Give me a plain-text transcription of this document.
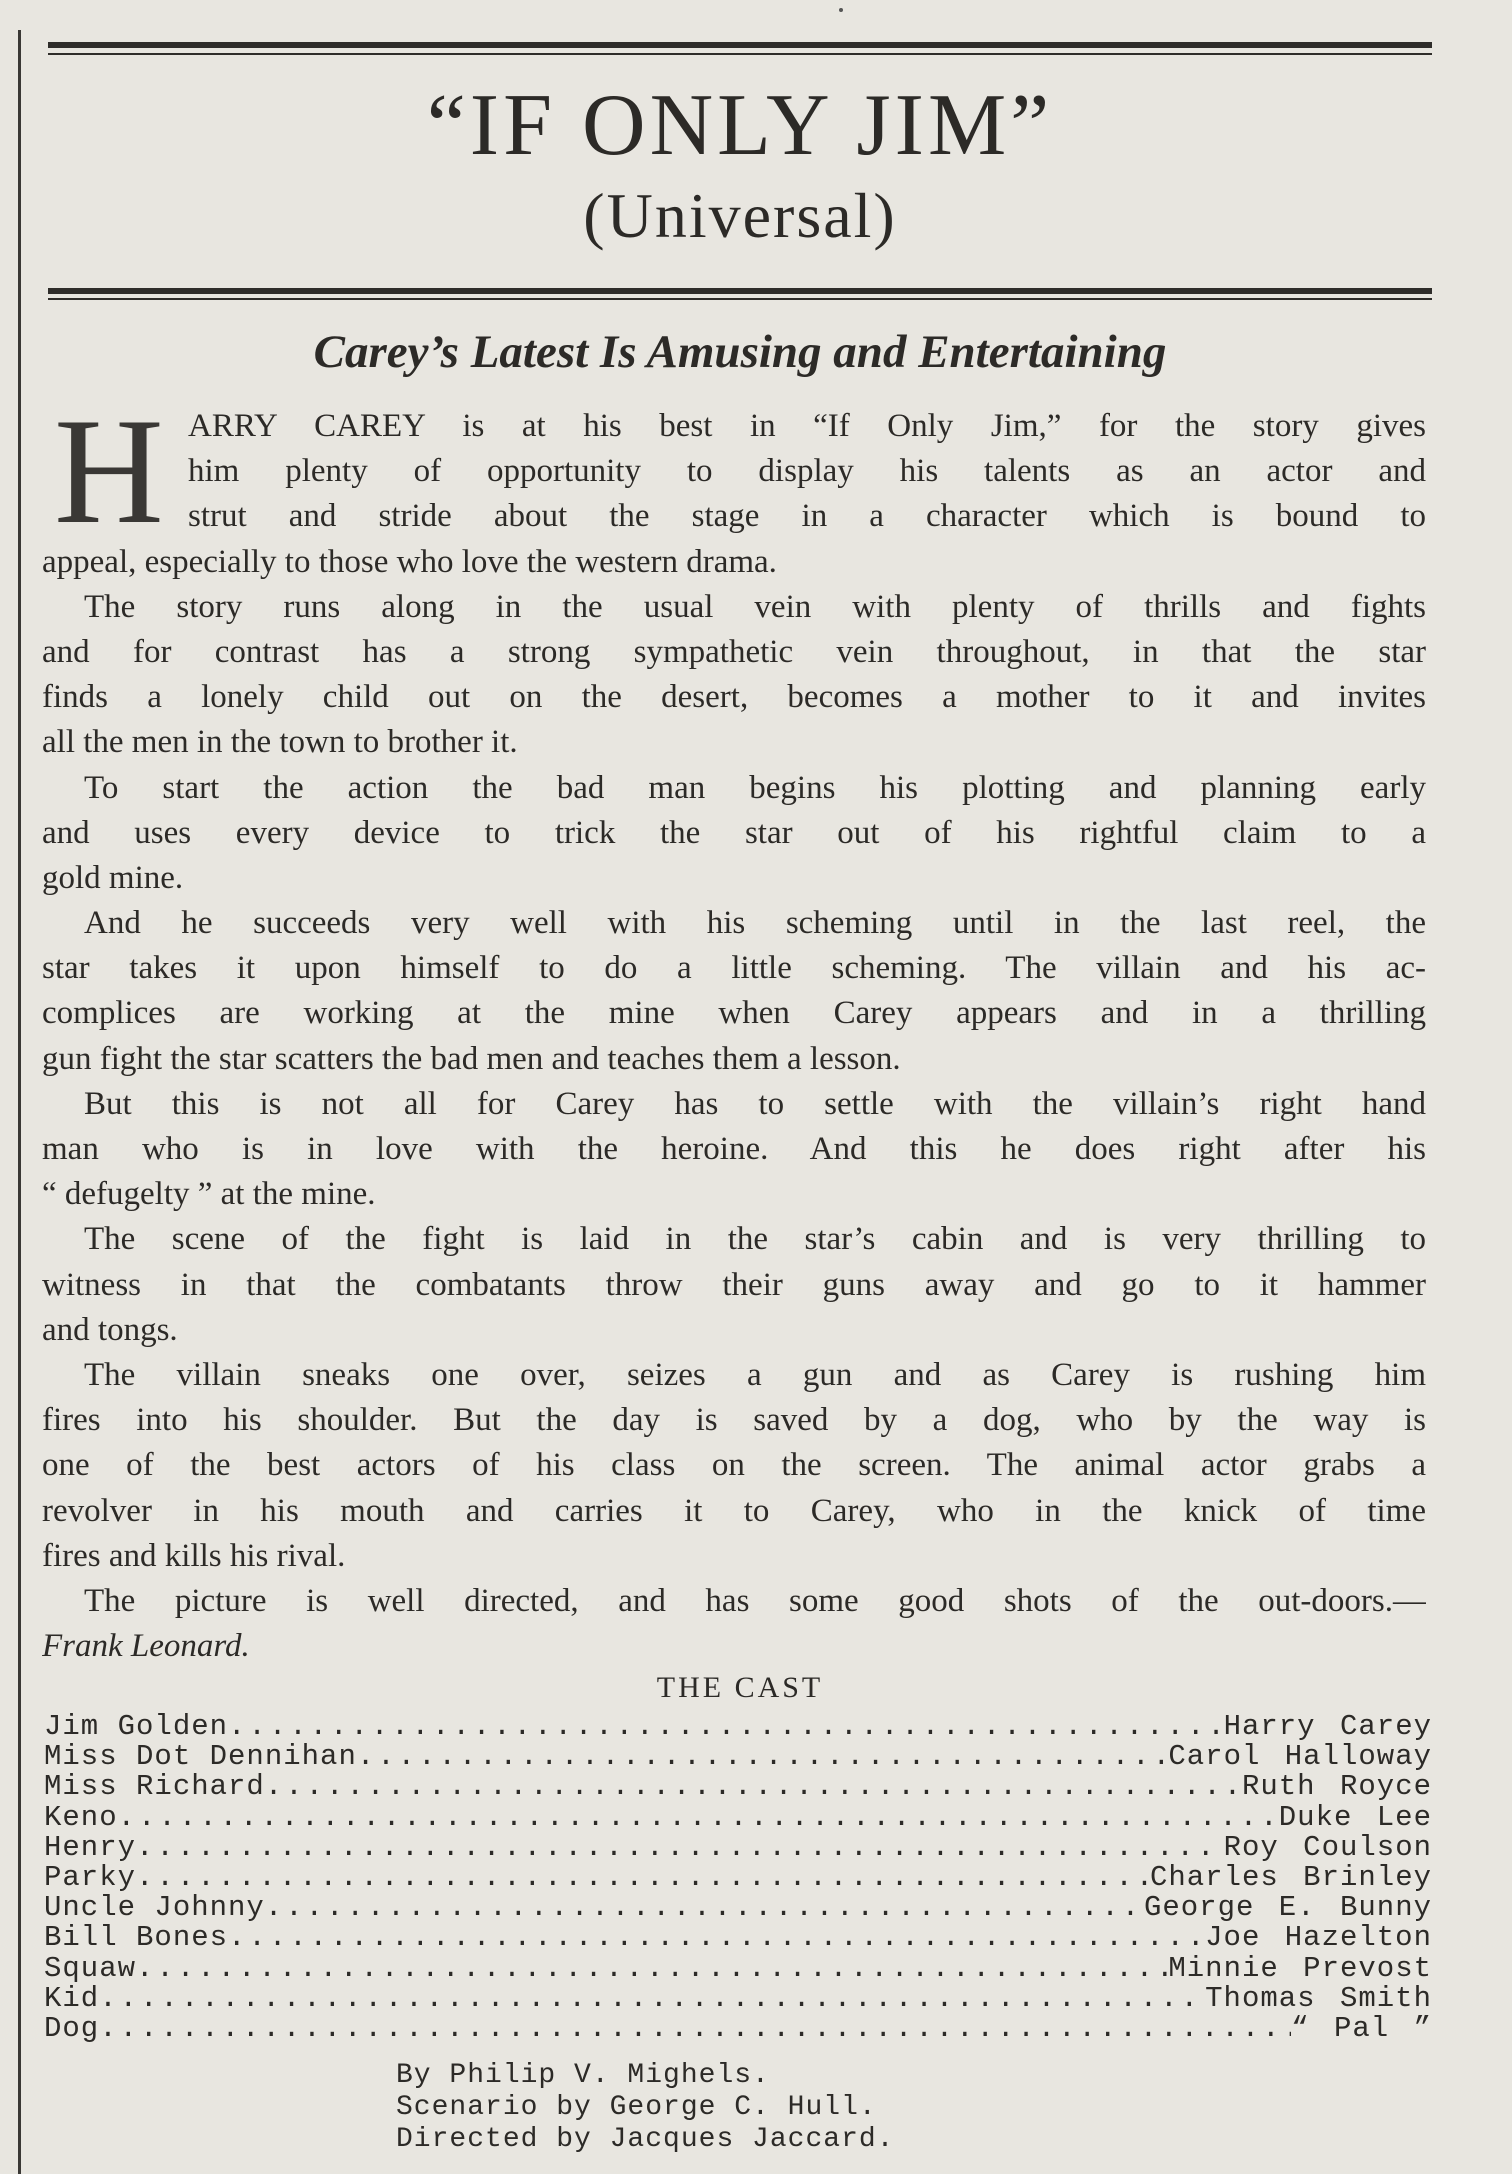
“IF ONLY JIM”
(Universal)
Carey’s Latest Is Amusing and Entertaining
H ARRY CAREY is at his best in “If Only Jim,” for the story gives
him plenty of opportunity to display his talents as an actor and
strut and stride about the stage in a character which is bound to
appeal, especially to those who love the western drama.
The story runs along in the usual vein with plenty of thrills and fights
and for contrast has a strong sympathetic vein throughout, in that the star
finds a lonely child out on the desert, becomes a mother to it and invites
all the men in the town to brother it.
To start the action the bad man begins his plotting and planning early
and uses every device to trick the star out of his rightful claim to a
gold mine.
And he succeeds very well with his scheming until in the last reel, the
star takes it upon himself to do a little scheming. The villain and his ac-
complices are working at the mine when Carey appears and in a thrilling
gun fight the star scatters the bad men and teaches them a lesson.
But this is not all for Carey has to settle with the villain’s right hand
man who is in love with the heroine. And this he does right after his
“ defugelty ” at the mine.
The scene of the fight is laid in the star’s cabin and is very thrilling to
witness in that the combatants throw their guns away and go to it hammer
and tongs.
The villain sneaks one over, seizes a gun and as Carey is rushing him
fires into his shoulder. But the day is saved by a dog, who by the way is
one of the best actors of his class on the screen. The animal actor grabs a
revolver in his mouth and carries it to Carey, who in the knick of time
fires and kills his rival.
The picture is well directed, and has some good shots of the out-doors.—
Frank Leonard.
THE CAST
Jim Golden .....	Harry Carey
Miss Dot Dennihan .....	Carol Halloway
Miss Richard .....	Ruth Royce
Keno .....	Duke Lee
Henry .....	Roy Coulson
Parky .....	Charles Brinley
Uncle Johnny .....	George E. Bunny
Bill Bones .....	Joe Hazelton
Squaw .....	Minnie Prevost
Kid .....	Thomas Smith
Dog .....	“ Pal ”
By Philip V. Mighels.
Scenario by George C. Hull.
Directed by Jacques Jaccard.
